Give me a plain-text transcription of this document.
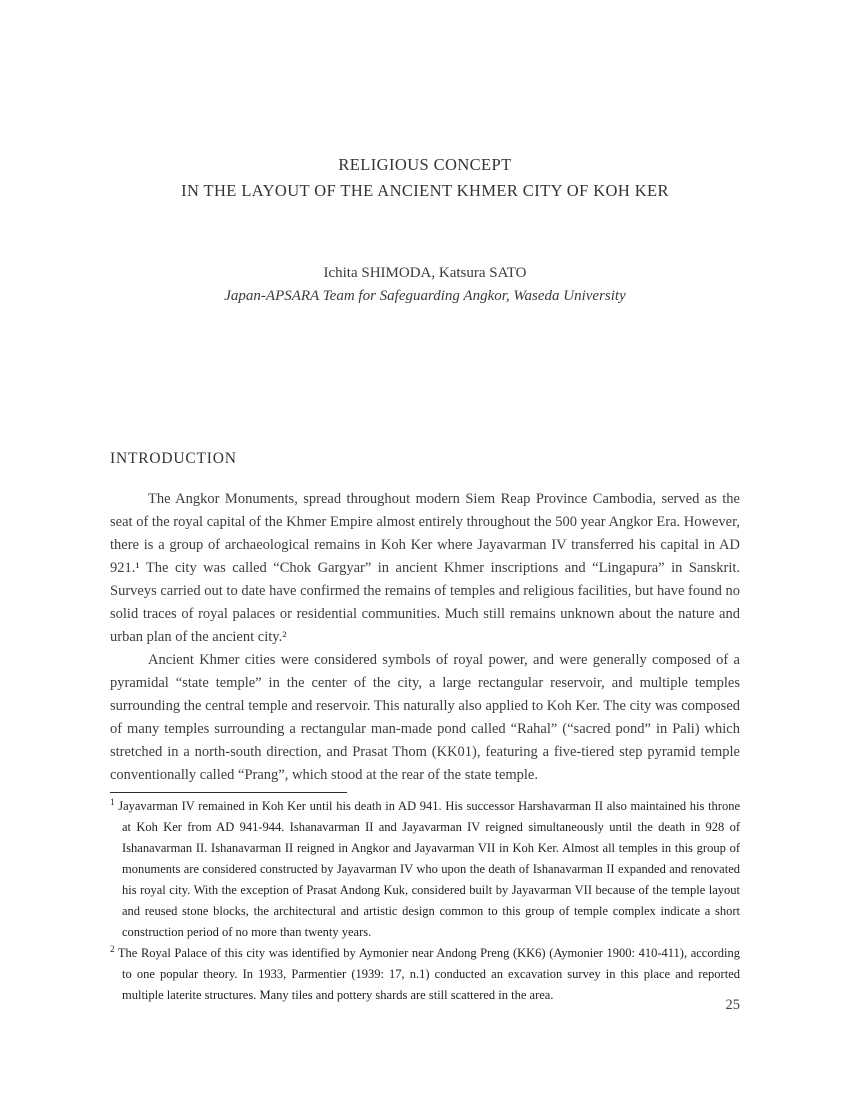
RELIGIOUS CONCEPT
IN THE LAYOUT OF THE ANCIENT KHMER CITY OF KOH KER
Ichita SHIMODA, Katsura SATO
Japan-APSARA Team for Safeguarding Angkor, Waseda University
INTRODUCTION

The Angkor Monuments, spread throughout modern Siem Reap Province Cambodia, served as the seat of the royal capital of the Khmer Empire almost entirely throughout the 500 year Angkor Era. However, there is a group of archaeological remains in Koh Ker where Jayavarman IV transferred his capital in AD 921.¹ The city was called “Chok Gargyar” in ancient Khmer inscriptions and “Lingapura” in Sanskrit. Surveys carried out to date have confirmed the remains of temples and religious facilities, but have found no solid traces of royal palaces or residential communities. Much still remains unknown about the nature and urban plan of the ancient city.²

Ancient Khmer cities were considered symbols of royal power, and were generally composed of a pyramidal “state temple” in the center of the city, a large rectangular reservoir, and multiple temples surrounding the central temple and reservoir. This naturally also applied to Koh Ker. The city was composed of many temples surrounding a rectangular man-made pond called “Rahal” (“sacred pond” in Pali) which stretched in a north-south direction, and Prasat Thom (KK01), featuring a five-tiered step pyramid temple conventionally called “Prang”, which stood at the rear of the state temple.

$^1$ Jayavarman IV remained in Koh Ker until his death in AD 941. His successor Harshavarman II also maintained his throne at Koh Ker from AD 941-944. Ishanavarman II and Jayavarman IV reigned simultaneously until the death in 928 of Ishanavarman II. Ishanavarman II reigned in Angkor and Jayavarman VII in Koh Ker. Almost all temples in this group of monuments are considered constructed by Jayavarman IV who upon the death of Ishanavarman II expanded and renovated his royal city. With the exception of Prasat Andong Kuk, considered built by Jayavarman VII because of the temple layout and reused stone blocks, the architectural and artistic design common to this group of temple complex indicate a short construction period of no more than twenty years.

$^2$ The Royal Palace of this city was identified by Aymonier near Andong Preng (KK6) (Aymonier 1900: 410-411), according to one popular theory. In 1933, Parmentier (1939: 17, n.1) conducted an excavation survey in this place and reported multiple laterite structures. Many tiles and pottery shards are still scattered in the area.

25
